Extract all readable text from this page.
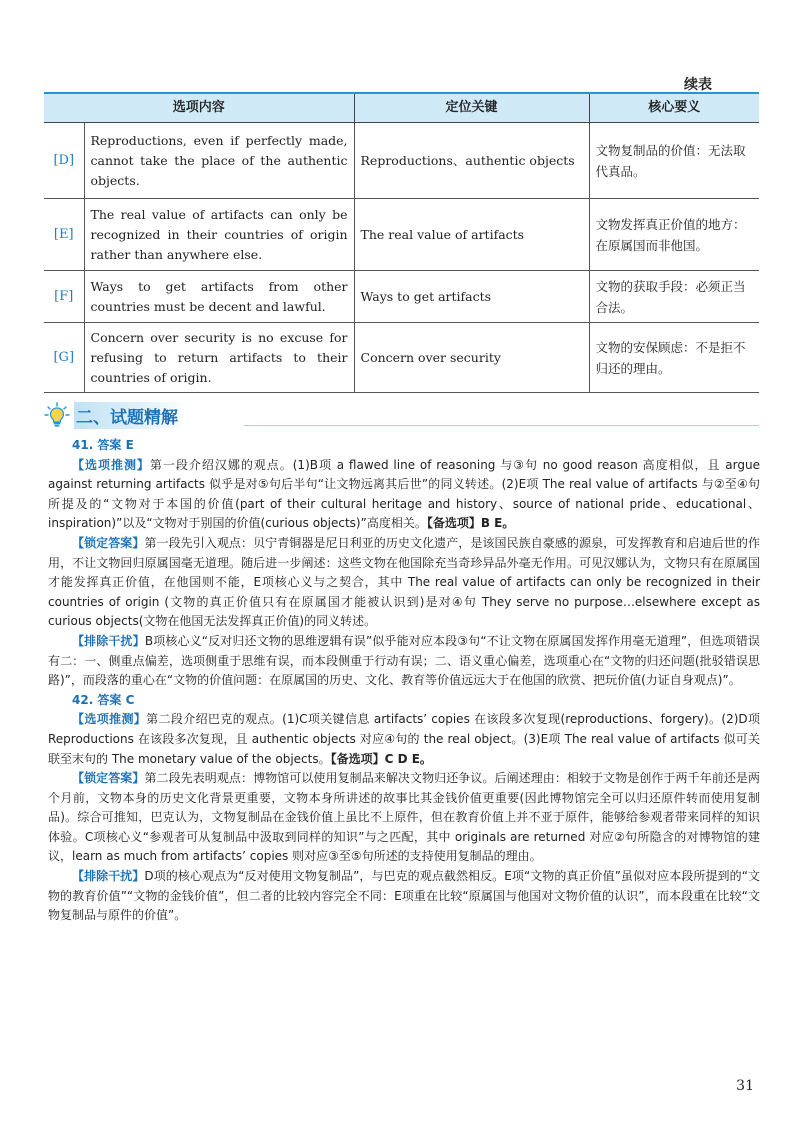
续表
选项内容		定位关键	核心要义
[D]	Reproductions, even if perfectly made, cannot take the place of the authentic objects.	Reproductions、authentic objects	文物复制品的价值：无法取代真品。
[E]	The real value of artifacts can only be recognized in their countries of origin rather than anywhere else.	The real value of artifacts	文物发挥真正价值的地方：在原属国而非他国。
[F]	Ways to get artifacts from other countries must be decent and lawful.	Ways to get artifacts	文物的获取手段：必须正当合法。
[G]	Concern over security is no excuse for refusing to return artifacts to their countries of origin.	Concern over security	文物的安保顾虑：不是拒不归还的理由。
二、试题精解
41. 答案 E

【选项推测】第一段介绍汉娜的观点。(1)B项 a flawed line of reasoning 与③句 no good reason 高度相似，且 argue against returning artifacts 似乎是对⑤句后半句“让文物远离其后世”的同义转述。(2)E项 The real value of artifacts 与②至④句所提及的“文物对于本国的价值(part of their cultural heritage and history、source of national pride、educational、inspiration)”以及“文物对于别国的价值(curious objects)”高度相关。【备选项】B E。

【锁定答案】第一段先引入观点：贝宁青铜器是尼日利亚的历史文化遗产，是该国民族自豪感的源泉，可发挥教育和启迪后世的作用，不让文物回归原属国毫无道理。随后进一步阐述：这些文物在他国除充当奇珍异品外毫无作用。可见汉娜认为，文物只有在原属国才能发挥真正价值，在他国则不能，E项核心义与之契合，其中 The real value of artifacts can only be recognized in their countries of origin (文物的真正价值只有在原属国才能被认识到)是对④句 They serve no purpose…elsewhere except as curious objects(文物在他国无法发挥真正价值)的同义转述。

【排除干扰】B项核心义“反对归还文物的思维逻辑有误”似乎能对应本段③句“不让文物在原属国发挥作用毫无道理”，但选项错误有二：一、侧重点偏差，选项侧重于思维有误，而本段侧重于行动有误；二、语义重心偏差，选项重心在“文物的归还问题(批驳错误思路)”，而段落的重心在“文物的价值问题：在原属国的历史、文化、教育等价值远远大于在他国的欣赏、把玩价值(力证自身观点)”。

42. 答案 C

【选项推测】第二段介绍巴克的观点。(1)C项关键信息 artifacts’ copies 在该段多次复现(reproductions、forgery)。(2)D项 Reproductions 在该段多次复现，且 authentic objects 对应④句的 the real object。(3)E项 The real value of artifacts 似可关联至末句的 The monetary value of the objects。【备选项】C D E。

【锁定答案】第二段先表明观点：博物馆可以使用复制品来解决文物归还争议。后阐述理由：相较于文物是创作于两千年前还是两个月前，文物本身的历史文化背景更重要，文物本身所讲述的故事比其金钱价值更重要(因此博物馆完全可以归还原件转而使用复制品)。综合可推知，巴克认为，文物复制品在金钱价值上虽比不上原件，但在教育价值上并不亚于原件，能够给参观者带来同样的知识体验。C项核心义“参观者可从复制品中汲取到同样的知识”与之匹配，其中 originals are returned 对应②句所隐含的对博物馆的建议，learn as much from artifacts’ copies 则对应③至⑤句所述的支持使用复制品的理由。

【排除干扰】D项的核心观点为“反对使用文物复制品”，与巴克的观点截然相反。E项“文物的真正价值”虽似对应本段所提到的“文物的教育价值”“文物的金钱价值”，但二者的比较内容完全不同：E项重在比较“原属国与他国对文物价值的认识”，而本段重在比较“文物复制品与原件的价值”。

31
